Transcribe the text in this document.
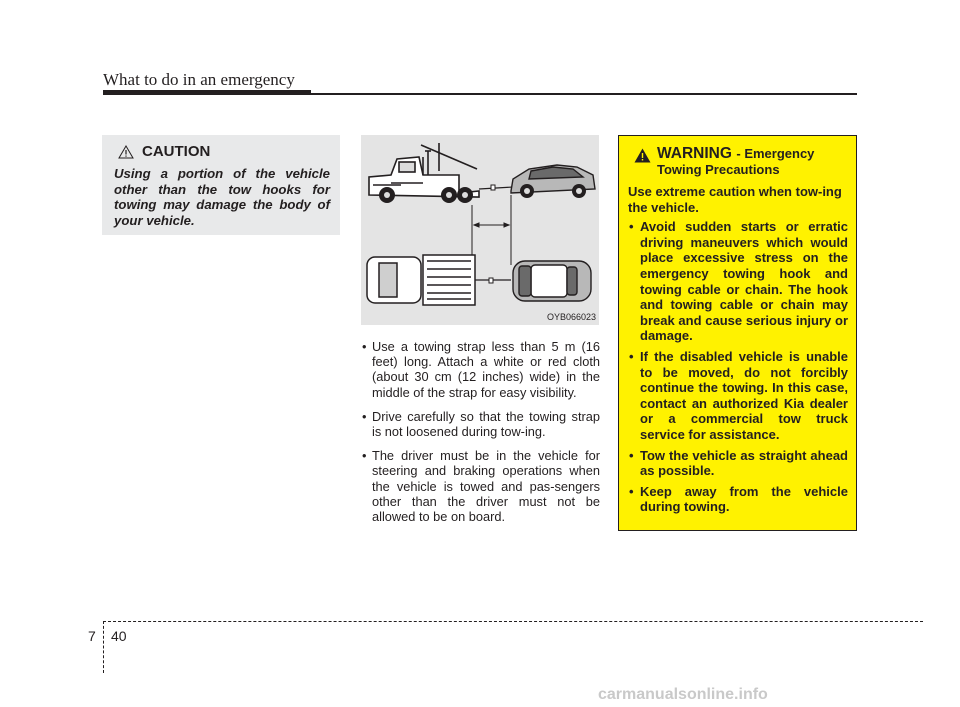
What to do in an emergency
CAUTION
Using a portion of the vehicle other than the tow hooks for towing may damage the body of your vehicle.
OYB066023
• Use a towing strap less than 5 m (16 feet) long. Attach a white or red cloth (about 30 cm (12 inches) wide) in the middle of the strap for easy visibility.
• Drive carefully so that the towing strap is not loosened during tow-ing.
• The driver must be in the vehicle for steering and braking operations when the vehicle is towed and pas-sengers other than the driver must not be allowed to be on board.
WARNING - Emergency
Towing Precautions
Use extreme caution when tow-ing the vehicle.
• Avoid sudden starts or erratic driving maneuvers which would place excessive stress on the emergency towing hook and towing cable or chain. The hook and towing cable or chain may break and cause serious injury or damage.
• If the disabled vehicle is unable to be moved, do not forcibly continue the towing. In this case, contact an authorized Kia dealer or a commercial tow truck service for assistance.
• Tow the vehicle as straight ahead as possible.
• Keep away from the vehicle during towing.
7 40
carmanualsonline.info
